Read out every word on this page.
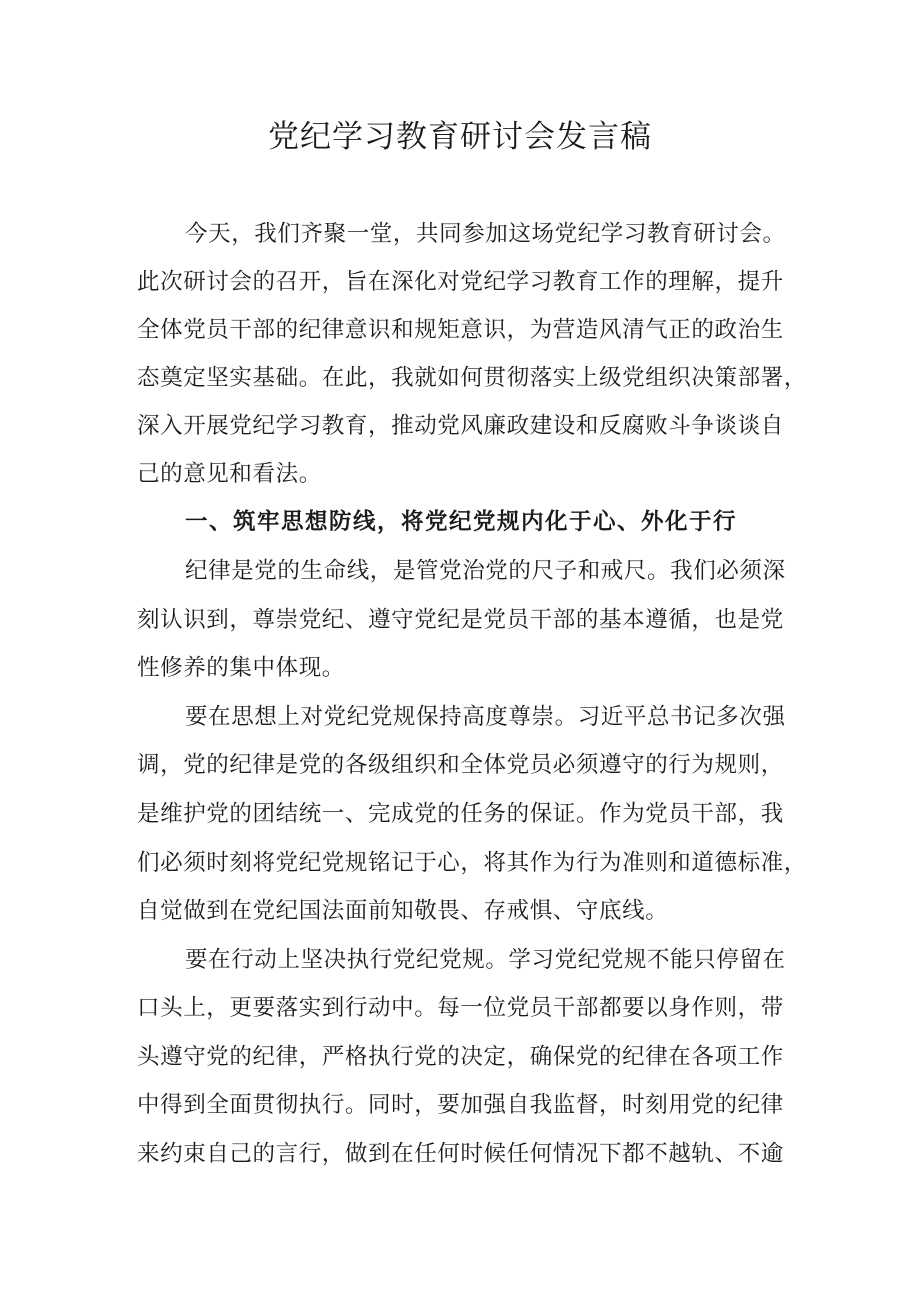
党纪学习教育研讨会发言稿
今天，我们齐聚一堂，共同参加这场党纪学习教育研讨会。
此次研讨会的召开，旨在深化对党纪学习教育工作的理解，提升
全体党员干部的纪律意识和规矩意识，为营造风清气正的政治生
态奠定坚实基础。在此，我就如何贯彻落实上级党组织决策部署，
深入开展党纪学习教育，推动党风廉政建设和反腐败斗争谈谈自
己的意见和看法。
一、筑牢思想防线，将党纪党规内化于心、外化于行
纪律是党的生命线，是管党治党的尺子和戒尺。我们必须深
刻认识到，尊崇党纪、遵守党纪是党员干部的基本遵循，也是党
性修养的集中体现。
要在思想上对党纪党规保持高度尊崇。习近平总书记多次强
调，党的纪律是党的各级组织和全体党员必须遵守的行为规则，
是维护党的团结统一、完成党的任务的保证。作为党员干部，我
们必须时刻将党纪党规铭记于心，将其作为行为准则和道德标准，
自觉做到在党纪国法面前知敬畏、存戒惧、守底线。
要在行动上坚决执行党纪党规。学习党纪党规不能只停留在
口头上，更要落实到行动中。每一位党员干部都要以身作则，带
头遵守党的纪律，严格执行党的决定，确保党的纪律在各项工作
中得到全面贯彻执行。同时，要加强自我监督，时刻用党的纪律
来约束自己的言行，做到在任何时候任何情况下都不越轨、不逾
